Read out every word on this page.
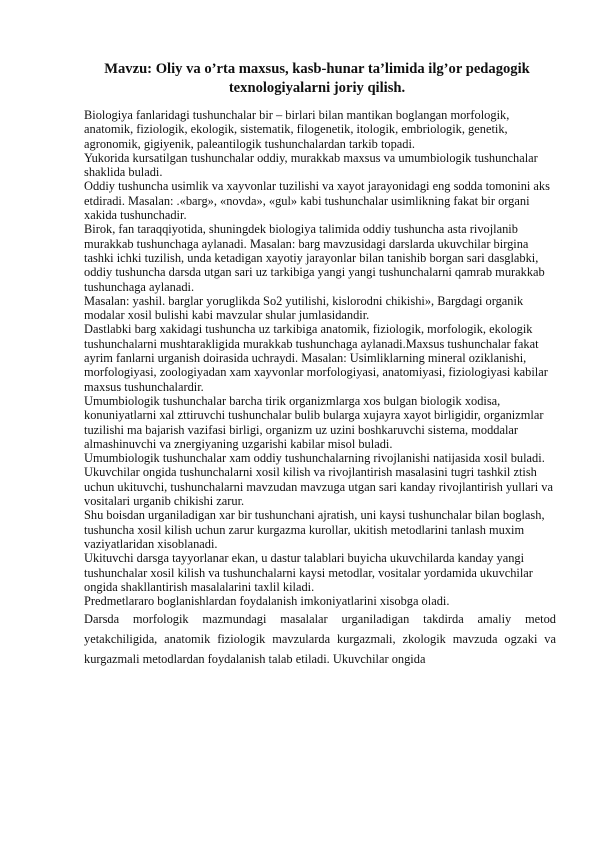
Mavzu: Oliy va o’rta maxsus, kasb-hunar ta’limida ilg’or pedagogik texnologiyalarni joriy qilish.

Biologiya fanlaridagi tushunchalar bir – birlari bilan mantikan boglangan morfologik, anatomik, fiziologik, ekologik, sistematik, filogenetik, itologik, embriologik, genetik, agronomik, gigiyenik, paleantilogik tushunchalardan tarkib topadi.

Yukorida kursatilgan tushunchalar oddiy, murakkab maxsus va umumbiologik tushunchalar shaklida buladi.

Oddiy tushuncha usimlik va xayvonlar tuzilishi va xayot jarayonidagi eng sodda tomonini aks etdiradi. Masalan: .«barg», «novda», «gul» kabi tushunchalar usimlikning fakat bir organi xakida tushunchadir.

Birok, fan taraqqiyotida, shuningdek biologiya talimida oddiy tushuncha asta rivojlanib murakkab tushunchaga aylanadi. Masalan: barg mavzusidagi darslarda ukuvchilar birgina tashki ichki tuzilish, unda ketadigan xayotiy jarayonlar bilan tanishib borgan sari dasglabki, oddiy tushuncha darsda utgan sari uz tarkibiga yangi yangi tushunchalarni qamrab murakkab tushunchaga aylanadi.

Masalan: yashil. barglar yoruglikda So2 yutilishi, kislorodni chikishi», Bargdagi organik modalar xosil bulishi kabi mavzular shular jumlasidandir.

Dastlabki barg xakidagi tushuncha uz tarkibiga anatomik, fiziologik, morfologik, ekologik tushunchalarni mushtarakligida murakkab tushunchaga aylanadi.Maxsus tushunchalar fakat ayrim fanlarni urganish doirasida uchraydi. Masalan: Usimliklarning mineral oziklanishi, morfologiyasi, zoologiyadan xam xayvonlar morfologiyasi, anatomiyasi, fiziologiyasi kabilar maxsus tushunchalardir.

Umumbiologik tushunchalar barcha tirik organizmlarga xos bulgan biologik xodisa, konuniyatlarni xal zttiruvchi tushunchalar bulib bularga xujayra xayot birligidir, organizmlar tuzilishi ma bajarish vazifasi birligi, organizm uz uzini boshkaruvchi sistema, moddalar almashinuvchi va znergiyaning uzgarishi kabilar misol buladi.

Umumbiologik tushunchalar xam oddiy tushunchalarning rivojlanishi natijasida xosil buladi.

Ukuvchilar ongida tushunchalarni xosil kilish va rivojlantirish masalasini tugri tashkil ztish uchun ukituvchi, tushunchalarni mavzudan mavzuga utgan sari kanday rivojlantirish yullari va vositalari urganib chikishi zarur.

Shu boisdan urganiladigan xar bir tushunchani ajratish, uni kaysi tushunchalar bilan boglash, tushuncha xosil kilish uchun zarur kurgazma kurollar, ukitish metodlarini tanlash muxim vaziyatlaridan xisoblanadi.

Ukituvchi darsga tayyorlanar ekan, u dastur talablari buyicha ukuvchilarda kanday yangi tushunchalar xosil kilish va tushunchalarni kaysi metodlar, vositalar yordamida ukuvchilar ongida shakllantirish masalalarini taxlil kiladi.

Predmetlararo boglanishlardan foydalanish imkoniyatlarini xisobga oladi.

Darsda morfologik mazmundagi masalalar urganiladigan takdirda amaliy metod yetakchiligida, anatomik fiziologik mavzularda kurgazmali, zkologik mavzuda ogzaki va kurgazmali metodlardan foydalanish talab etiladi. Ukuvchilar ongida
